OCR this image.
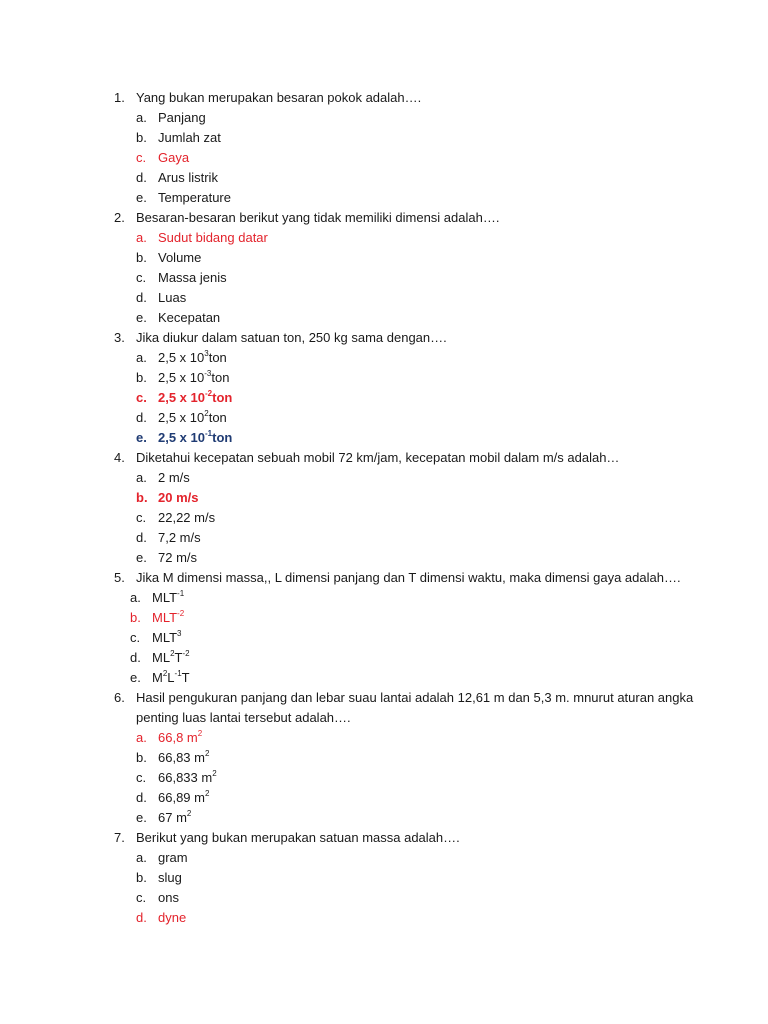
1. Yang bukan merupakan besaran pokok adalah….
a. Panjang
b. Jumlah zat
c. Gaya
d. Arus listrik
e. Temperature
2. Besaran-besaran berikut yang tidak memiliki dimensi adalah….
a. Sudut bidang datar
b. Volume
c. Massa jenis
d. Luas
e. Kecepatan
3. Jika diukur dalam satuan ton, 250 kg sama dengan….
a. 2,5 x $10^3ton$
b. 2,5 x $10^{-3}ton$
c. 2,5 x $10^{-2}ton$
d. 2,5 x $10^2ton$
e. 2,5 x $10^{-1}ton$
4. Diketahui kecepatan sebuah mobil 72 km/jam, kecepatan mobil dalam m/s adalah…
a. 2 m/s
b. 20 m/s
c. 22,22 m/s
d. 7,2 m/s
e. 72 m/s
5. Jika M dimensi massa,, L dimensi panjang dan T dimensi waktu, maka dimensi gaya adalah….
a. $MLT^{-1}$
b. $MLT^{-2}$
c. MLT$^3$
d. $ML^2T^{-2}$
e. $M^2L^{-1}T$
6. Hasil pengukuran panjang dan lebar suau lantai adalah 12,61 m dan 5,3 m. mnurut aturan angka penting luas lantai tersebut adalah….
a. 66,8 $m^2$
b. 66,83 $m^2$
c. 66,833 $m^2$
d. 66,89 $m^2$
e. 67 $m^2$
7. Berikut yang bukan merupakan satuan massa adalah….
a. gram
b. slug
c. ons
d. dyne
